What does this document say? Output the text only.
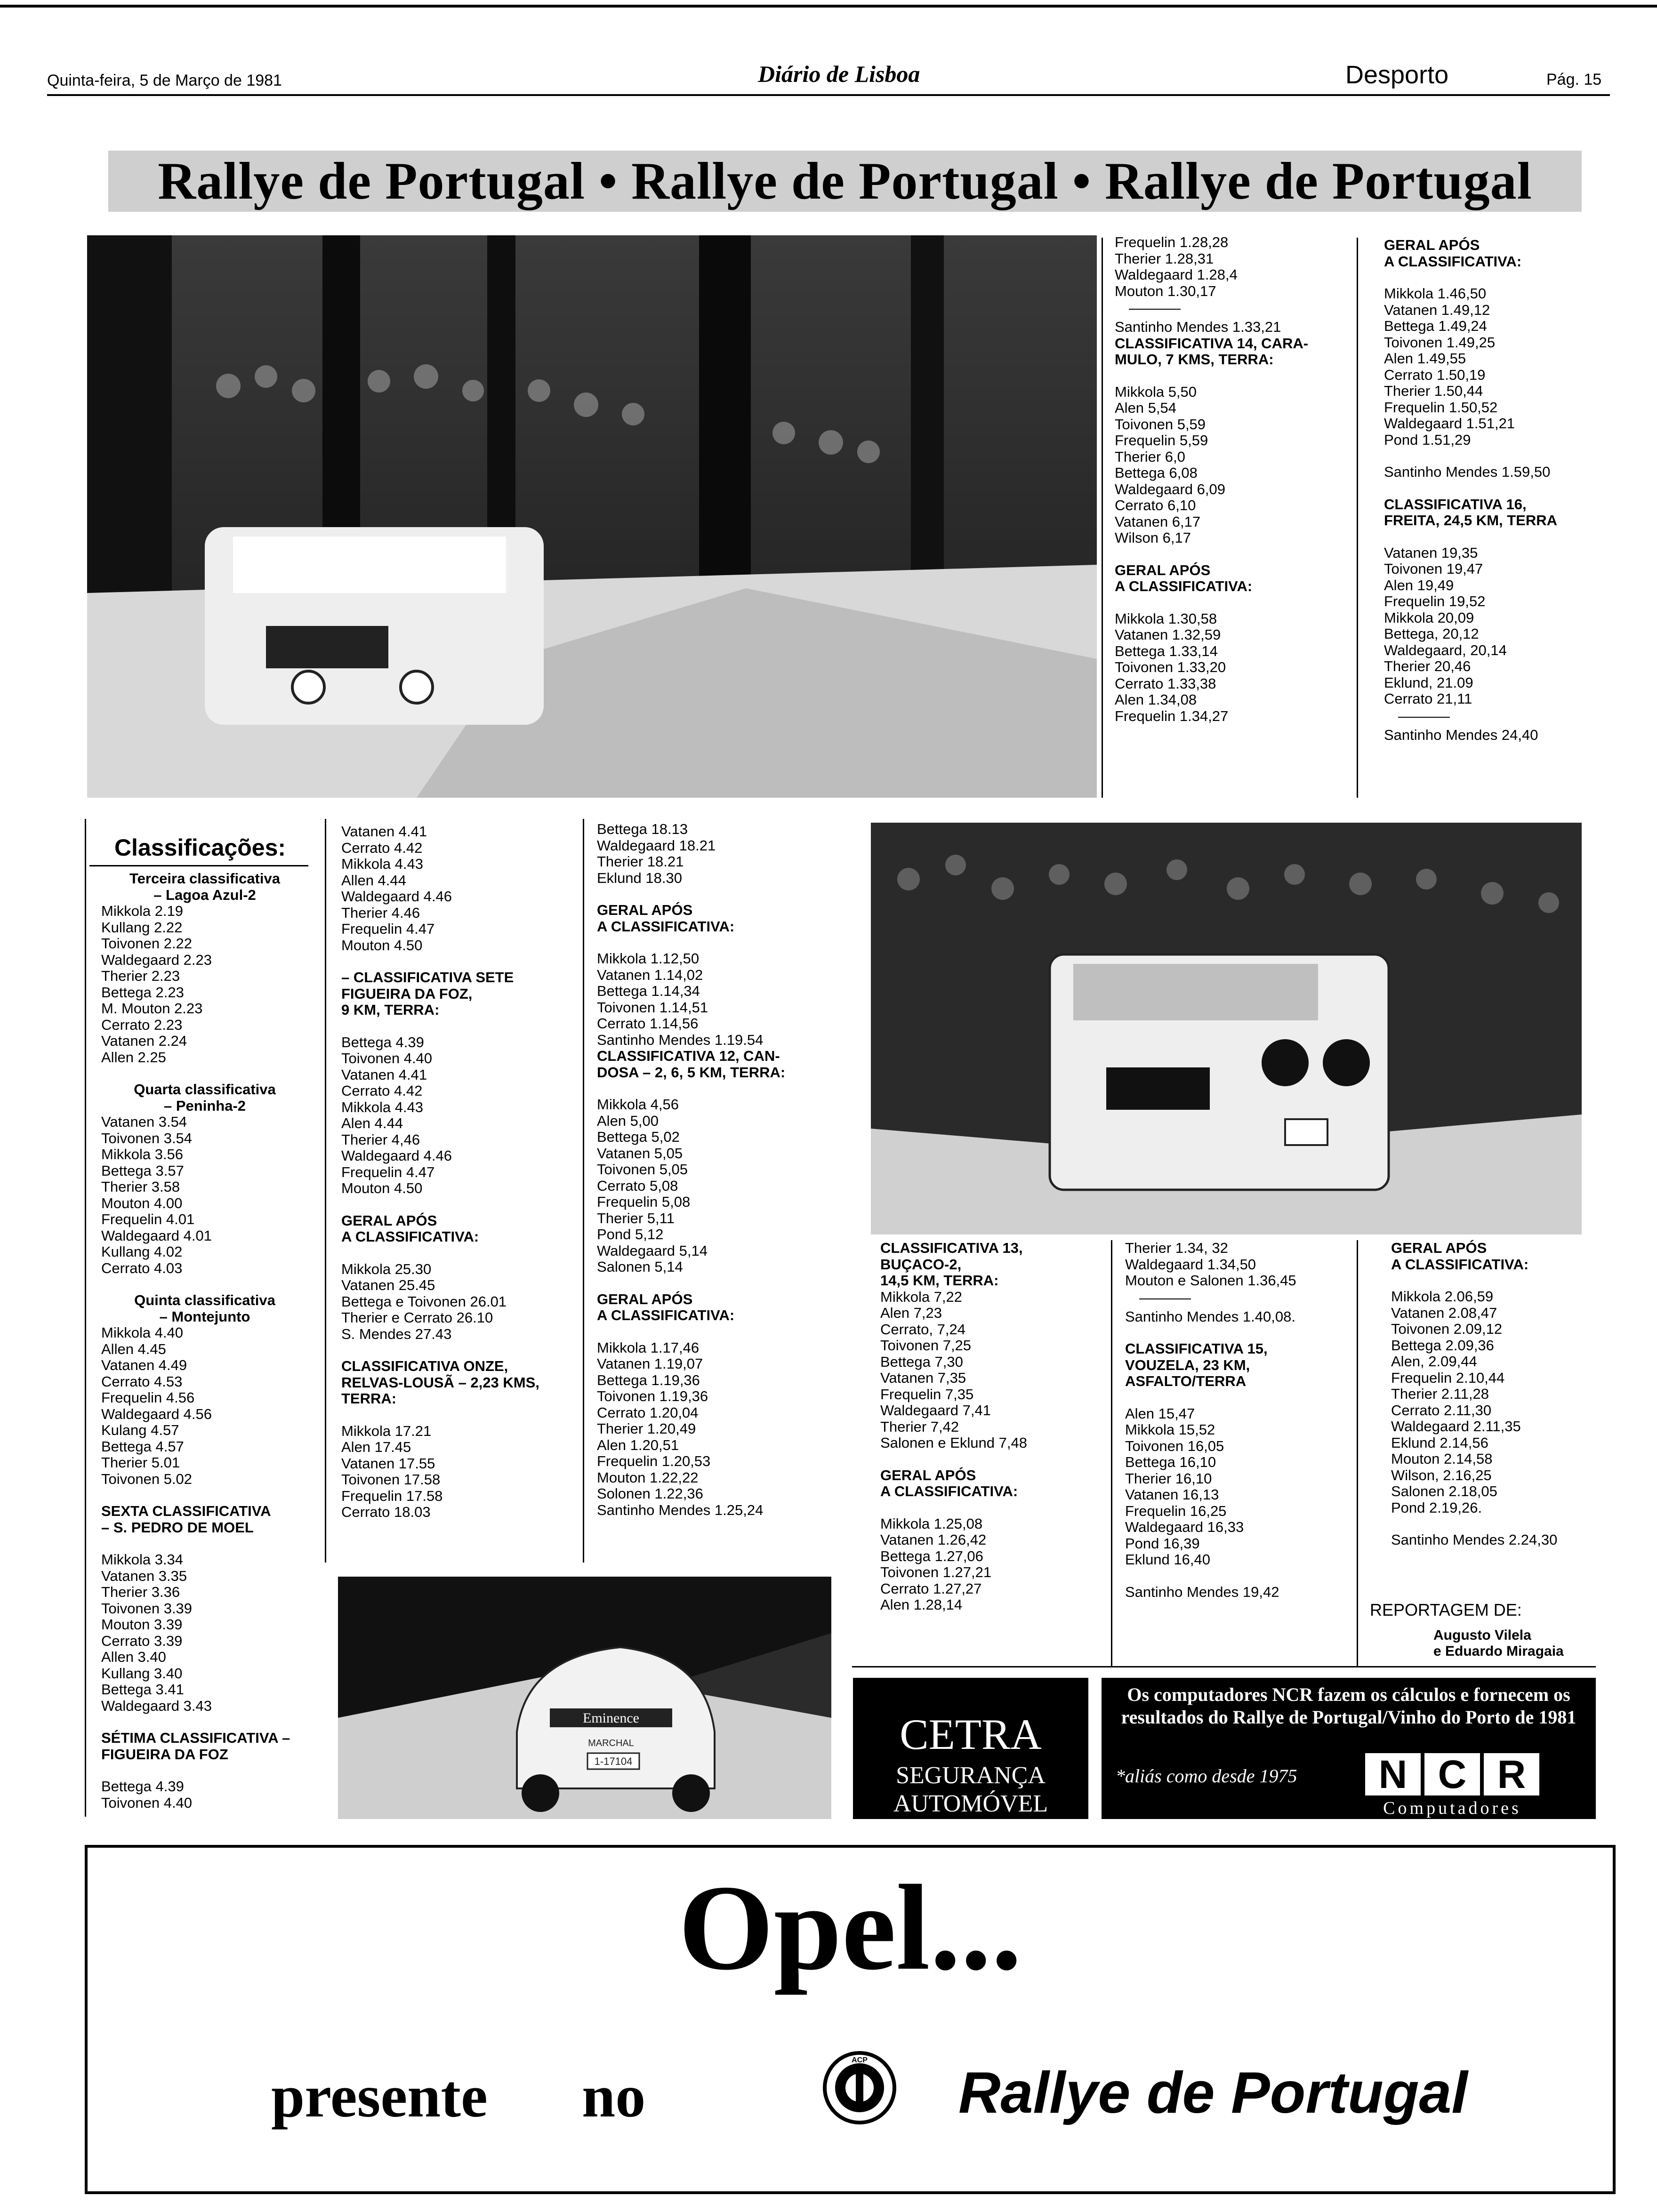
Quinta-feira, 5 de Março de 1981	Diário de Lisboa	Desporto	Pág. 15
Rallye de Portugal • Rallye de Portugal • Rallye de Portugal

Frequelin 1.28,28

Therier 1.28,31

Waldegaard 1.28,4

Mouton 1.30,17

Santinho Mendes 1.33,21

CLASSIFICATIVA 14, CARA-
MULO, 7 KMS, TERRA:

Mikkola 5,50

Alen 5,54

Toivonen 5,59

Frequelin 5,59

Therier 6,0

Bettega 6,08

Waldegaard 6,09

Cerrato 6,10

Vatanen 6,17

Wilson 6,17

GERAL APÓS
A CLASSIFICATIVA:

Mikkola 1.30,58

Vatanen 1.32,59

Bettega 1.33,14

Toivonen 1.33,20

Cerrato 1.33,38

Alen 1.34,08

Frequelin 1.34,27

GERAL APÓS
A CLASSIFICATIVA:

Mikkola 1.46,50

Vatanen 1.49,12

Bettega 1.49,24

Toivonen 1.49,25

Alen 1.49,55

Cerrato 1.50,19

Therier 1.50,44

Frequelin 1.50,52

Waldegaard 1.51,21

Pond 1.51,29

Santinho Mendes 1.59,50

CLASSIFICATIVA 16,
FREITA, 24,5 KM, TERRA

Vatanen 19,35

Toivonen 19,47

Alen 19,49

Frequelin 19,52

Mikkola 20,09

Bettega, 20,12

Waldegaard, 20,14

Therier 20,46

Eklund, 21.09

Cerrato 21,11

Santinho Mendes 24,40

Classificações:

Terceira classificativa
– Lagoa Azul-2

Mikkola 2.19

Kullang 2.22

Toivonen 2.22

Waldegaard 2.23

Therier 2.23

Bettega 2.23

M. Mouton 2.23

Cerrato 2.23

Vatanen 2.24

Allen 2.25

Quarta classificativa
– Peninha-2

Vatanen 3.54

Toivonen 3.54

Mikkola 3.56

Bettega 3.57

Therier 3.58

Mouton 4.00

Frequelin 4.01

Waldegaard 4.01

Kullang 4.02

Cerrato 4.03

Quinta classificativa
– Montejunto

Mikkola 4.40

Allen 4.45

Vatanen 4.49

Cerrato 4.53

Frequelin 4.56

Waldegaard 4.56

Kulang 4.57

Bettega 4.57

Therier 5.01

Toivonen 5.02

SEXTA CLASSIFICATIVA
– S. PEDRO DE MOEL

Mikkola 3.34

Vatanen 3.35

Therier 3.36

Toivonen 3.39

Mouton 3.39

Cerrato 3.39

Allen 3.40

Kullang 3.40

Bettega 3.41

Waldegaard 3.43

SÉTIMA CLASSIFICATIVA –
FIGUEIRA DA FOZ

Bettega 4.39

Toivonen 4.40

Vatanen 4.41

Cerrato 4.42

Mikkola 4.43

Allen 4.44

Waldegaard 4.46

Therier 4.46

Frequelin 4.47

Mouton 4.50

– CLASSIFICATIVA SETE
FIGUEIRA DA FOZ,
9 KM, TERRA:

Bettega 4.39

Toivonen 4.40

Vatanen 4.41

Cerrato 4.42

Mikkola 4.43

Alen 4.44

Therier 4,46

Waldegaard 4.46

Frequelin 4.47

Mouton 4.50

GERAL APÓS
A CLASSIFICATIVA:

Mikkola 25.30

Vatanen 25.45

Bettega e Toivonen 26.01

Therier e Cerrato 26.10

S. Mendes 27.43

CLASSIFICATIVA ONZE,
RELVAS-LOUSÃ – 2,23 KMS,
TERRA:

Mikkola 17.21

Alen 17.45

Vatanen 17.55

Toivonen 17.58

Frequelin 17.58

Cerrato 18.03

Bettega 18.13

Waldegaard 18.21

Therier 18.21

Eklund 18.30

GERAL APÓS
A CLASSIFICATIVA:

Mikkola 1.12,50

Vatanen 1.14,02

Bettega 1.14,34

Toivonen 1.14,51

Cerrato 1.14,56

Santinho Mendes 1.19.54

CLASSIFICATIVA 12, CAN-
DOSA – 2, 6, 5 KM, TERRA:

Mikkola 4,56

Alen 5,00

Bettega 5,02

Vatanen 5,05

Toivonen 5,05

Cerrato 5,08

Frequelin 5,08

Therier 5,11

Pond 5,12

Waldegaard 5,14

Salonen 5,14

GERAL APÓS
A CLASSIFICATIVA:

Mikkola 1.17,46

Vatanen 1.19,07

Bettega 1.19,36

Toivonen 1.19,36

Cerrato 1.20,04

Therier 1.20,49

Alen 1.20,51

Frequelin 1.20,53

Mouton 1.22,22

Solonen 1.22,36

Santinho Mendes 1.25,24

Eminence
MARCHAL
1-17104

CLASSIFICATIVA 13,
BUÇACO-2,
14,5 KM, TERRA:

Mikkola 7,22

Alen 7,23

Cerrato, 7,24

Toivonen 7,25

Bettega 7,30

Vatanen 7,35

Frequelin 7,35

Waldegaard 7,41

Therier 7,42

Salonen e Eklund 7,48

GERAL APÓS
A CLASSIFICATIVA:

Mikkola 1.25,08

Vatanen 1.26,42

Bettega 1.27,06

Toivonen 1.27,21

Cerrato 1.27,27

Alen 1.28,14

Therier 1.34, 32

Waldegaard 1.34,50

Mouton e Salonen 1.36,45

Santinho Mendes 1.40,08.

CLASSIFICATIVA 15,
VOUZELA, 23 KM,
ASFALTO/TERRA

Alen 15,47

Mikkola 15,52

Toivonen 16,05

Bettega 16,10

Therier 16,10

Vatanen 16,13

Frequelin 16,25

Waldegaard 16,33

Pond 16,39

Eklund 16,40

Santinho Mendes 19,42

GERAL APÓS
A CLASSIFICATIVA:

Mikkola 2.06,59

Vatanen 2.08,47

Toivonen 2.09,12

Bettega 2.09,36

Alen, 2.09,44

Frequelin 2.10,44

Therier 2.11,28

Cerrato 2.11,30

Waldegaard 2.11,35

Eklund 2.14,56

Mouton 2.14,58

Wilson, 2.16,25

Salonen 2.18,05

Pond 2.19,26.

Santinho Mendes 2.24,30

REPORTAGEM DE:
Augusto Vilela
e Eduardo Miragaia
CETRA
SEGURANÇA
AUTOMÓVEL
Os computadores NCR fazem os cálculos e fornecem os resultados do Rallye de Portugal/Vinho do Porto de 1981
*aliás como desde 1975	N C R
Computadores
Opel...
presente no
ACP
Rallye de Portugal
